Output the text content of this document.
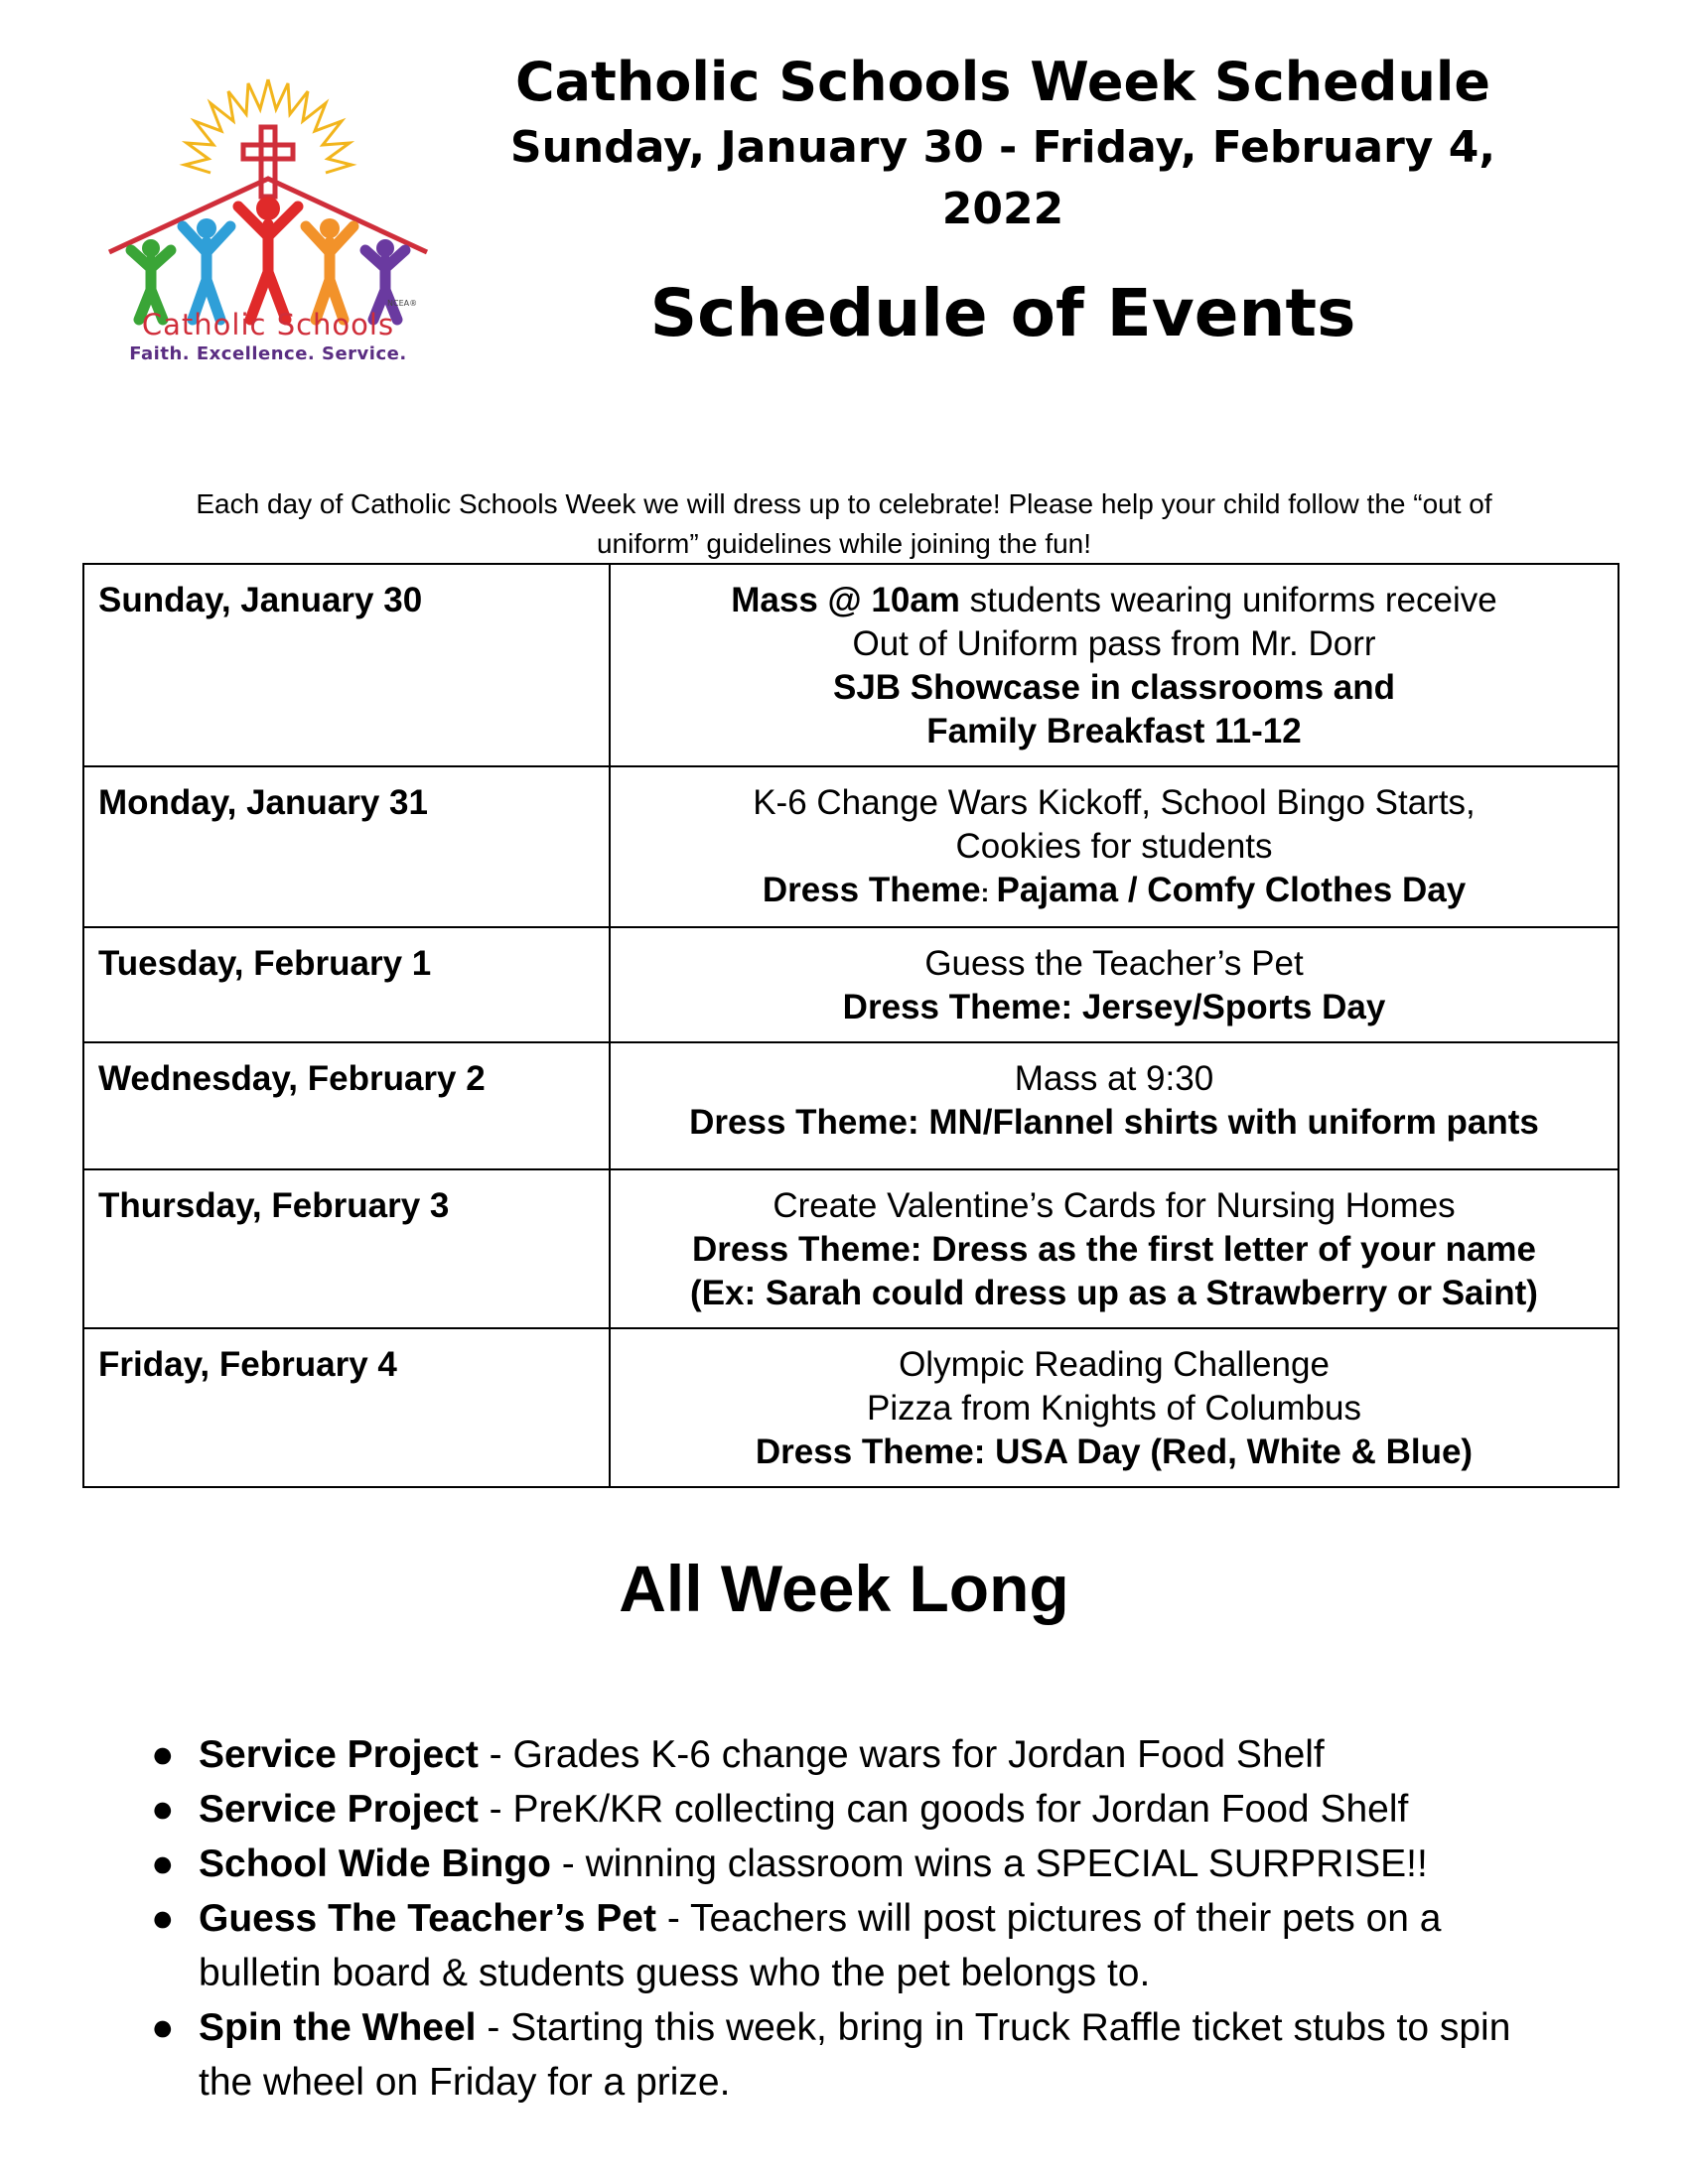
NCEA®
Catholic Schools
Faith. Excellence. Service.
Catholic Schools Week Schedule
Sunday, January 30 - Friday, February 4,
2022
Schedule of Events
Each day of Catholic Schools Week we will dress up to celebrate! Please help your child follow the “out of
uniform” guidelines while joining the fun!
Sunday, January 30	Mass @ 10am students wearing uniforms receive
Out of Uniform pass from Mr. Dorr
SJB Showcase in classrooms and
Family Breakfast 11-12

Monday, January 31	K-6 Change Wars Kickoff, School Bingo Starts,
Cookies for students
Dress Theme: Pajama / Comfy Clothes Day

Tuesday, February 1	Guess the Teacher’s Pet
Dress Theme: Jersey/Sports Day

Wednesday, February 2	Mass at 9:30
Dress Theme: MN/Flannel shirts with uniform pants

Thursday, February 3	Create Valentine’s Cards for Nursing Homes
Dress Theme: Dress as the first letter of your name
(Ex: Sarah could dress up as a Strawberry or Saint)

Friday, February 4	Olympic Reading Challenge
Pizza from Knights of Columbus
Dress Theme: USA Day (Red, White & Blue)
All Week Long
● Service Project - Grades K-6 change wars for Jordan Food Shelf
● Service Project - PreK/KR collecting can goods for Jordan Food Shelf
● School Wide Bingo - winning classroom wins a SPECIAL SURPRISE!!
● Guess The Teacher’s Pet - Teachers will post pictures of their pets on a bulletin board & students guess who the pet belongs to.
● Spin the Wheel - Starting this week, bring in Truck Raffle ticket stubs to spin the wheel on Friday for a prize.
